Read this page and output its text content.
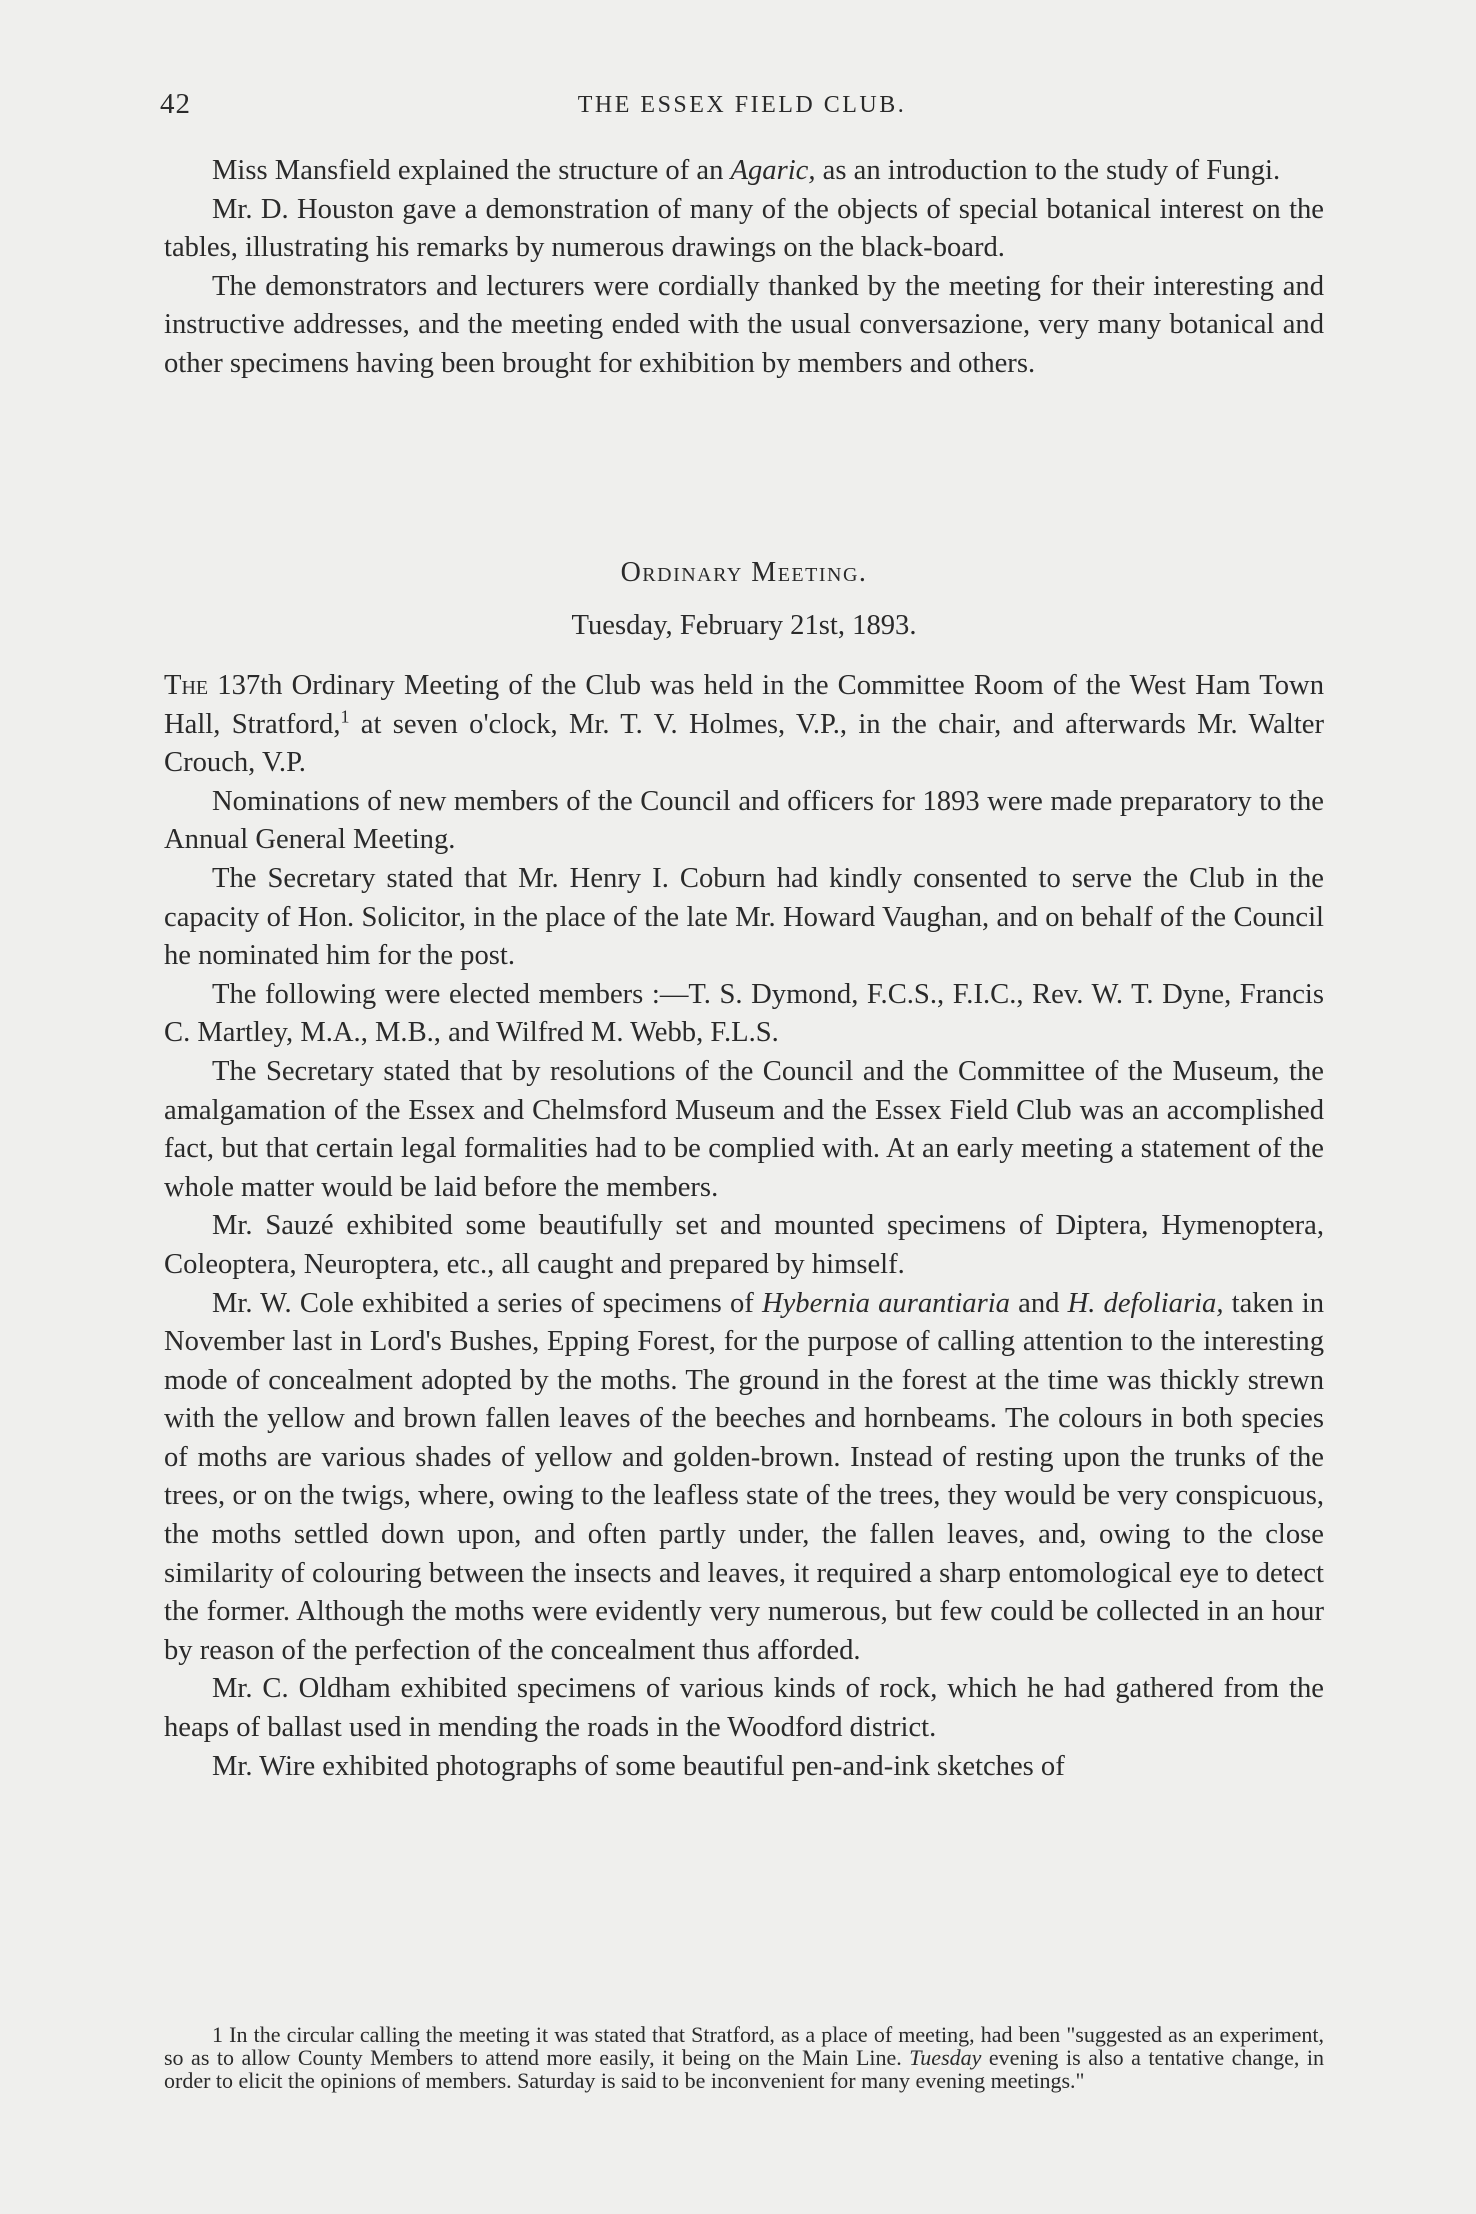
42	THE ESSEX FIELD CLUB.

Miss Mansfield explained the structure of an Agaric, as an introduction to the study of Fungi.

Mr. D. Houston gave a demonstration of many of the objects of special botanical interest on the tables, illustrating his remarks by numerous drawings on the black-board.

The demonstrators and lecturers were cordially thanked by the meeting for their interesting and instructive addresses, and the meeting ended with the usual conversazione, very many botanical and other specimens having been brought for exhibition by members and others.

Ordinary Meeting.
Tuesday, February 21st, 1893.

The 137th Ordinary Meeting of the Club was held in the Committee Room of the West Ham Town Hall, Stratford,$^1$ at seven o'clock, Mr. T. V. Holmes, V.P., in the chair, and afterwards Mr. Walter Crouch, V.P.

Nominations of new members of the Council and officers for 1893 were made preparatory to the Annual General Meeting.

The Secretary stated that Mr. Henry I. Coburn had kindly consented to serve the Club in the capacity of Hon. Solicitor, in the place of the late Mr. Howard Vaughan, and on behalf of the Council he nominated him for the post.

The following were elected members :—T. S. Dymond, F.C.S., F.I.C., Rev. W. T. Dyne, Francis C. Martley, M.A., M.B., and Wilfred M. Webb, F.L.S.

The Secretary stated that by resolutions of the Council and the Committee of the Museum, the amalgamation of the Essex and Chelmsford Museum and the Essex Field Club was an accomplished fact, but that certain legal formalities had to be complied with. At an early meeting a statement of the whole matter would be laid before the members.

Mr. Sauzé exhibited some beautifully set and mounted specimens of Diptera, Hymenoptera, Coleoptera, Neuroptera, etc., all caught and prepared by himself.

Mr. W. Cole exhibited a series of specimens of Hybernia aurantiaria and H. defoliaria, taken in November last in Lord's Bushes, Epping Forest, for the purpose of calling attention to the interesting mode of concealment adopted by the moths. The ground in the forest at the time was thickly strewn with the yellow and brown fallen leaves of the beeches and hornbeams. The colours in both species of moths are various shades of yellow and golden-brown. Instead of resting upon the trunks of the trees, or on the twigs, where, owing to the leafless state of the trees, they would be very conspicuous, the moths settled down upon, and often partly under, the fallen leaves, and, owing to the close similarity of colouring between the insects and leaves, it required a sharp entomological eye to detect the former. Although the moths were evidently very numerous, but few could be collected in an hour by reason of the perfection of the concealment thus afforded.

Mr. C. Oldham exhibited specimens of various kinds of rock, which he had gathered from the heaps of ballast used in mending the roads in the Woodford district.

Mr. Wire exhibited photographs of some beautiful pen-and-ink sketches of

1 In the circular calling the meeting it was stated that Stratford, as a place of meeting, had been "suggested as an experiment, so as to allow County Members to attend more easily, it being on the Main Line. Tuesday evening is also a tentative change, in order to elicit the opinions of members. Saturday is said to be inconvenient for many evening meetings."
